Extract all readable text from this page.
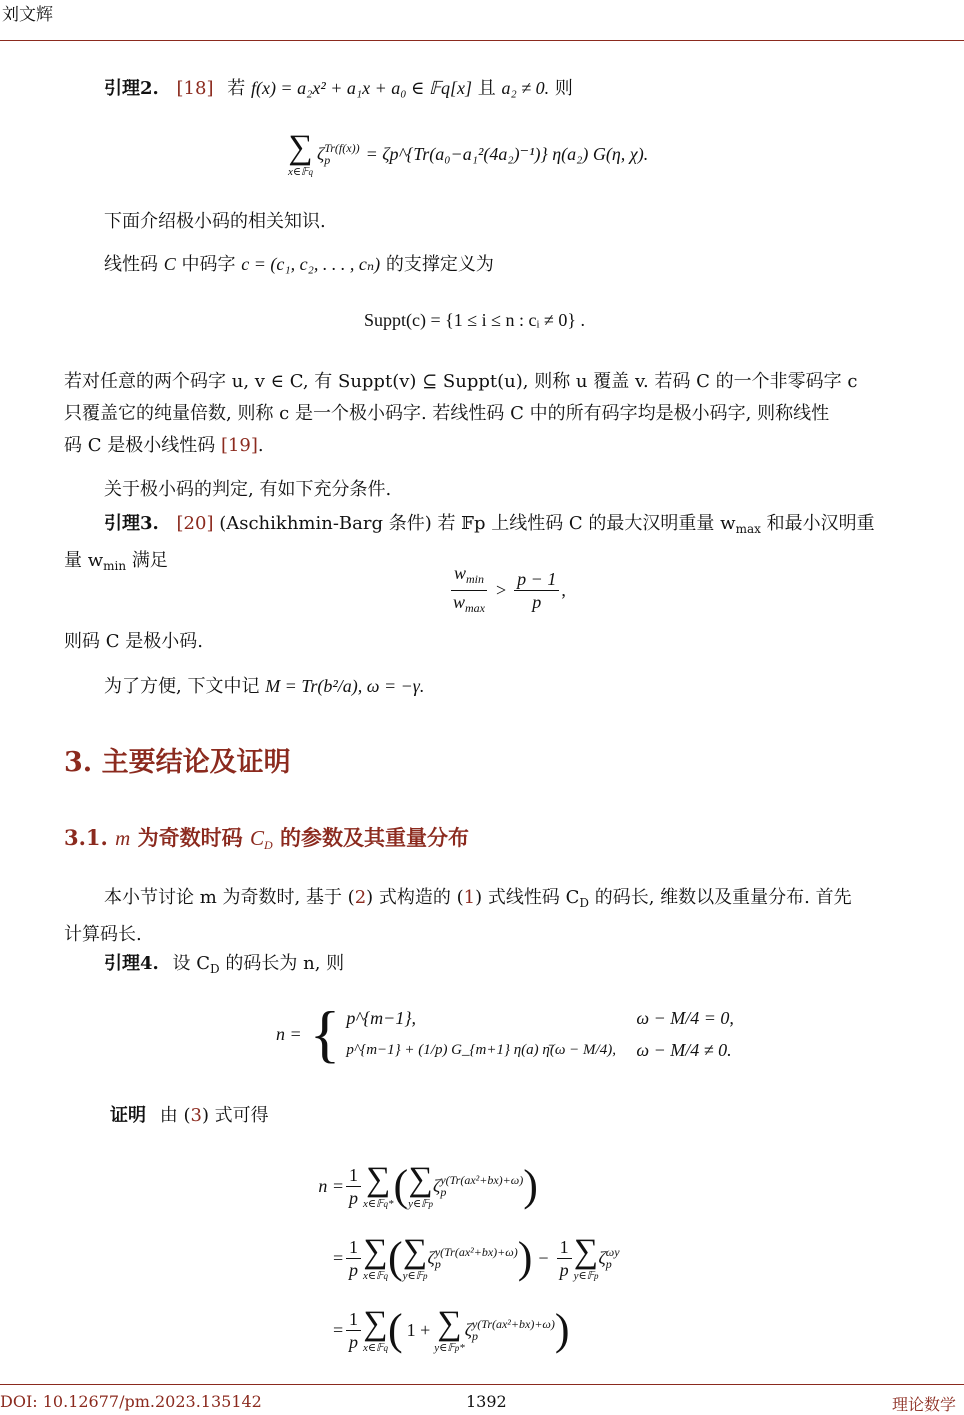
刘文辉
引理2. [18] 若 f(x) = a₂x² + a₁x + a₀ ∈ 𝔽q[x] 且 a₂ ≠ 0. 则
∑
x∈𝔽q
$\zeta_p^{Tr(f(x))}$ = ζp^{Tr(a₀−a₁²(4a₂)⁻¹)} η(a₂) G(η, χ).
下面介绍极小码的相关知识.
线性码 C 中码字 c = (c₁, c₂, . . . , cₙ) 的支撑定义为
Suppt(c) = {1 ≤ i ≤ n : cᵢ ≠ 0} .
若对任意的两个码字 u, v ∈ C, 有 Suppt(v) ⊆ Suppt(u), 则称 u 覆盖 v. 若码 C 的一个非零码字 c
只覆盖它的纯量倍数, 则称 c 是一个极小码字. 若线性码 C 中的所有码字均是极小码字, 则称线性
码 C 是极小线性码 [19].
关于极小码的判定, 有如下充分条件.
引理3. [20] (Aschikhmin-Barg 条件) 若 𝔽p 上线性码 C 的最大汉明重量 $w_{max}$ 和最小汉明重
量 $w_{min}$ 满足
$\frac{w_{min}}{w_{max}} > \frac{p - 1}{p}$ ,
则码 C 是极小码.
为了方便, 下文中记 M = Tr(b²/a), ω = −γ.
3. 主要结论及证明
3.1. m 为奇数时码 $C_D$ 的参数及其重量分布
本小节讨论 m 为奇数时, 基于 (2) 式构造的 (1) 式线性码 $C_D$ 的码长, 维数以及重量分布. 首先
计算码长.
引理4. 设 $C_D$ 的码长为 n, 则
n = { p^{m−1},	ω − M/4 = 0,
p^{m−1} + (1/p) G_{m+1} η(a) η̄(ω − M/4),	ω − M/4 ≠ 0.
证明 由 (3) 式可得
$n = \frac{1}{p}$ ∑
x∈𝔽q* ( ∑
y∈𝔽p
$\zeta_p^{y(Tr(ax^2+bx)+\omega)}$ )
= $\frac{1}{p}$ ∑
x∈𝔽q ( ∑
y∈𝔽p
$\zeta_p^{y(Tr(ax^2+bx)+\omega)}$ ) − $\frac{1}{p}$ ∑
y∈𝔽p
$\zeta_p^{\omega y}$
= $\frac{1}{p}$ ∑
x∈𝔽q ( 1 + ∑
y∈𝔽p*
$\zeta_p^{y(Tr(ax^2+bx)+\omega)}$ )
DOI: 10.12677/pm.2023.135142	1392	理论数学
